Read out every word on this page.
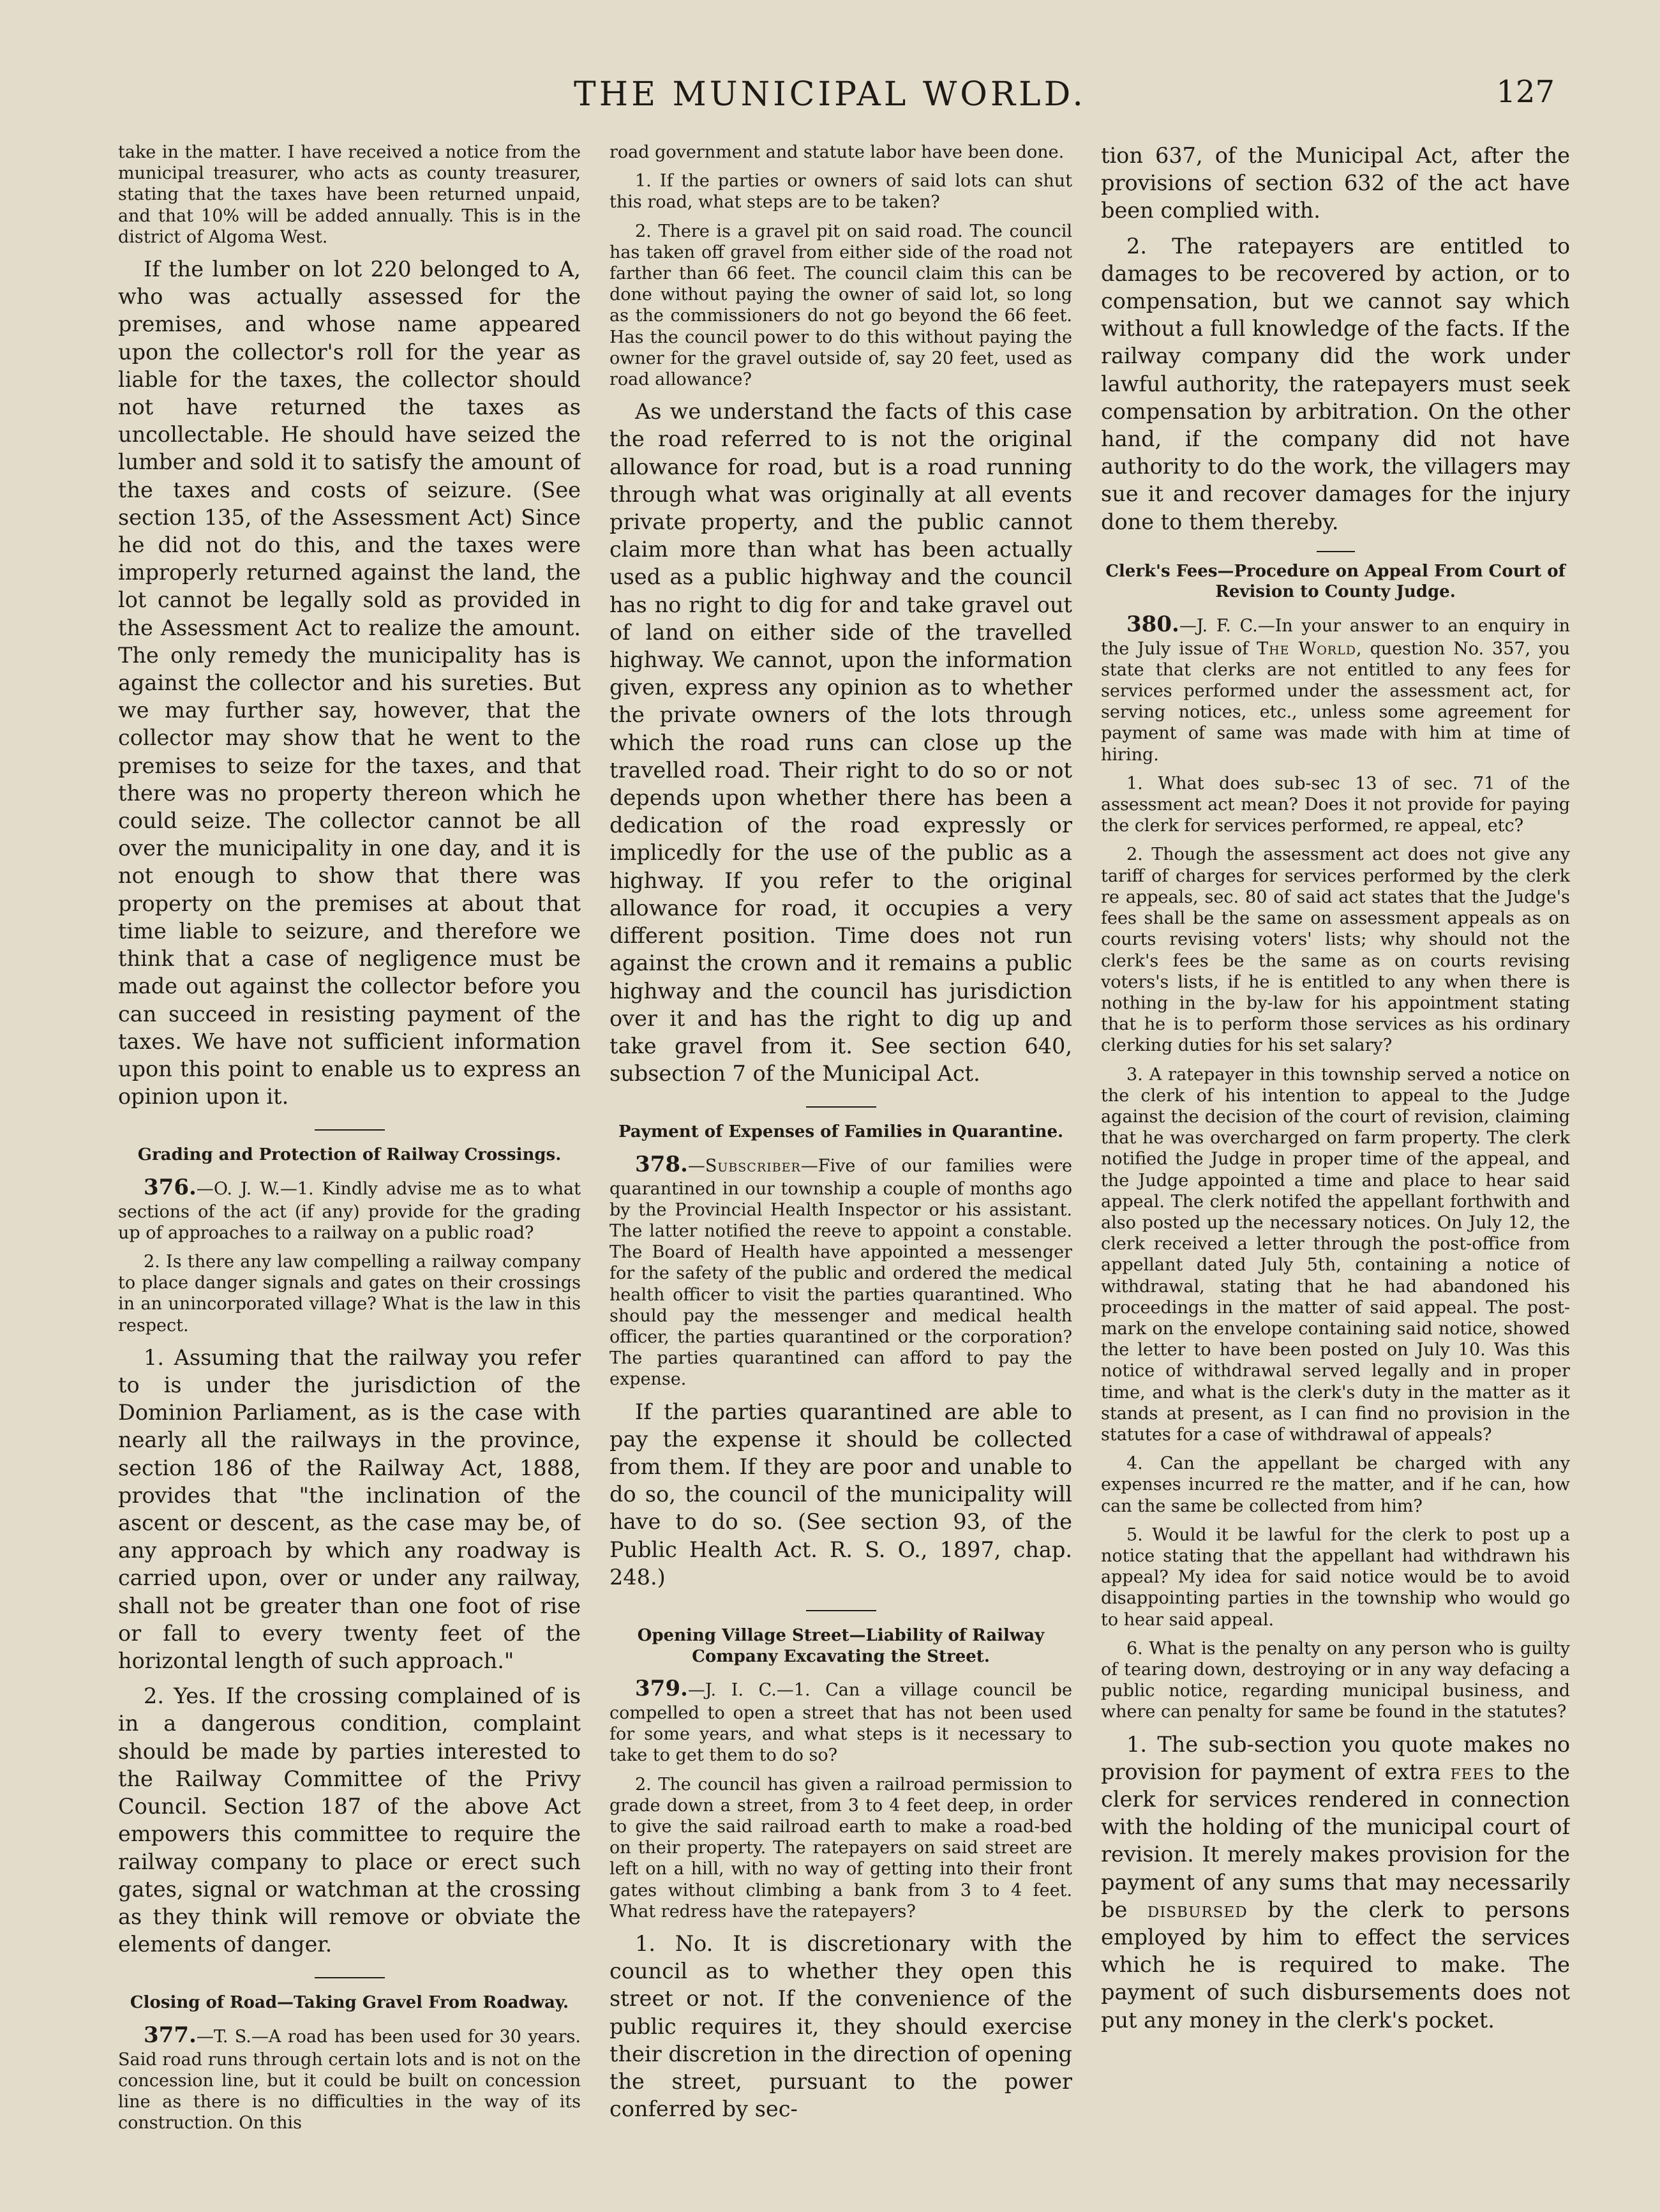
THE MUNICIPAL WORLD.	127

take in the matter. I have received a notice from the municipal treasurer, who acts as county treasurer, stating that the taxes have been returned unpaid, and that 10% will be added annually. This is in the district of Algoma West.

If the lumber on lot 220 belonged to A, who was actually assessed for the premises, and whose name appeared upon the collector's roll for the year as liable for the taxes, the collector should not have returned the taxes as uncollectable. He should have seized the lumber and sold it to satisfy the amount of the taxes and costs of seizure. (See section 135, of the Assessment Act) Since he did not do this, and the taxes were improperly returned against the land, the lot cannot be legally sold as provided in the Assessment Act to realize the amount. The only remedy the municipality has is against the collector and his sureties. But we may further say, however, that the collector may show that he went to the premises to seize for the taxes, and that there was no property thereon which he could seize. The collector cannot be all over the municipality in one day, and it is not enough to show that there was property on the premises at about that time liable to seizure, and therefore we think that a case of negligence must be made out against the collector before you can succeed in resisting payment of the taxes. We have not sufficient information upon this point to enable us to express an opinion upon it.

Grading and Protection of Railway Crossings.

376.—O. J. W.—1. Kindly advise me as to what sections of the act (if any) provide for the grading up of approaches to a railway on a public road?

2. Is there any law compelling a railway company to place danger signals and gates on their crossings in an unincorporated village? What is the law in this respect.

1. Assuming that the railway you refer to is under the jurisdiction of the Dominion Parliament, as is the case with nearly all the railways in the province, section 186 of the Railway Act, 1888, provides that "the inclination of the ascent or descent, as the case may be, of any approach by which any roadway is carried upon, over or under any railway, shall not be greater than one foot of rise or fall to every twenty feet of the horizontal length of such approach."

2. Yes. If the crossing complained of is in a dangerous condition, complaint should be made by parties interested to the Railway Committee of the Privy Council. Section 187 of the above Act empowers this committee to require the railway company to place or erect such gates, signal or watchman at the crossing as they think will remove or obviate the elements of danger.

Closing of Road—Taking Gravel From Roadway.

377.—T. S.—A road has been used for 30 years. Said road runs through certain lots and is not on the concession line, but it could be built on concession line as there is no difficulties in the way of its construction. On this

road government and statute labor have been done.

1. If the parties or owners of said lots can shut this road, what steps are to be taken?

2. There is a gravel pit on said road. The council has taken off gravel from either side of the road not farther than 66 feet. The council claim this can be done without paying the owner of said lot, so long as the commissioners do not go beyond the 66 feet. Has the council power to do this without paying the owner for the gravel outside of, say 20 feet, used as road allowance?

As we understand the facts of this case the road referred to is not the original allowance for road, but is a road running through what was originally at all events private property, and the public cannot claim more than what has been actually used as a public highway and the council has no right to dig for and take gravel out of land on either side of the travelled highway. We cannot, upon the information given, express any opinion as to whether the private owners of the lots through which the road runs can close up the travelled road. Their right to do so or not depends upon whether there has been a dedication of the road expressly or implicedly for the use of the public as a highway. If you refer to the original allowance for road, it occupies a very different position. Time does not run against the crown and it remains a public highway and the council has jurisdiction over it and has the right to dig up and take gravel from it. See section 640, subsection 7 of the Municipal Act.

Payment of Expenses of Families in Quarantine.

378.—Subscriber—Five of our families were quarantined in our township a couple of months ago by the Provincial Health Inspector or his assistant. The latter notified the reeve to appoint a constable. The Board of Health have appointed a messenger for the safety of the public and ordered the medical health officer to visit the parties quarantined. Who should pay the messenger and medical health officer, the parties quarantined or the corporation? The parties quarantined can afford to pay the expense.

If the parties quarantined are able to pay the expense it should be collected from them. If they are poor and unable to do so, the council of the municipality will have to do so. (See section 93, of the Public Health Act. R. S. O., 1897, chap. 248.)

Opening Village Street—Liability of Railway Company Excavating the Street.

379.—J. I. C.—1. Can a village council be compelled to open a street that has not been used for some years, and what steps is it necessary to take to get them to do so?

2. The council has given a railroad permission to grade down a street, from 3 to 4 feet deep, in order to give the said railroad earth to make a road-bed on their property. The ratepayers on said street are left on a hill, with no way of getting into their front gates without climbing a bank from 3 to 4 feet. What redress have the ratepayers?

1. No. It is discretionary with the council as to whether they open this street or not. If the convenience of the public requires it, they should exercise their discretion in the direction of opening the street, pursuant to the power conferred by sec-

tion 637, of the Municipal Act, after the provisions of section 632 of the act have been complied with.

2. The ratepayers are entitled to damages to be recovered by action, or to compensation, but we cannot say which without a full knowledge of the facts. If the railway company did the work under lawful authority, the ratepayers must seek compensation by arbitration. On the other hand, if the company did not have authority to do the work, the villagers may sue it and recover damages for the injury done to them thereby.

Clerk's Fees—Procedure on Appeal From Court of Revision to County Judge.

380.—J. F. C.—In your answer to an enquiry in the July issue of The World, question No. 357, you state that clerks are not entitled to any fees for services performed under the assessment act, for serving notices, etc., unless some agreement for payment of same was made with him at time of hiring.

1. What does sub-sec 13 of sec. 71 of the assessment act mean? Does it not provide for paying the clerk for services performed, re appeal, etc?

2. Though the assessment act does not give any tariff of charges for services performed by the clerk re appeals, sec. 80 of said act states that the Judge's fees shall be the same on assessment appeals as on courts revising voters' lists; why should not the clerk's fees be the same as on courts revising voters's lists, if he is entitled to any when there is nothing in the by-law for his appointment stating that he is to perform those services as his ordinary clerking duties for his set salary?

3. A ratepayer in this township served a notice on the clerk of his intention to appeal to the Judge against the decision of the court of revision, claiming that he was overcharged on farm property. The clerk notified the Judge in proper time of the appeal, and the Judge appointed a time and place to hear said appeal. The clerk notifed the appellant forthwith and also posted up the necessary notices. On July 12, the clerk received a letter through the post-office from appellant dated July 5th, containing a notice of withdrawal, stating that he had abandoned his proceedings in the matter of said appeal. The post-mark on the envelope containing said notice, showed the letter to have been posted on July 10. Was this notice of withdrawal served legally and in proper time, and what is the clerk's duty in the matter as it stands at present, as I can find no provision in the statutes for a case of withdrawal of appeals?

4. Can the appellant be charged with any expenses incurred re the matter, and if he can, how can the same be collected from him?

5. Would it be lawful for the clerk to post up a notice stating that the appellant had withdrawn his appeal? My idea for said notice would be to avoid disappointing parties in the township who would go to hear said appeal.

6. What is the penalty on any person who is guilty of tearing down, destroying or in any way defacing a public notice, regarding municipal business, and where can penalty for same be found in the statutes?

1. The sub-section you quote makes no provision for payment of extra fees to the clerk for services rendered in connection with the holding of the municipal court of revision. It merely makes provision for the payment of any sums that may necessarily be disbursed by the clerk to persons employed by him to effect the services which he is required to make. The payment of such disbursements does not put any money in the clerk's pocket.
